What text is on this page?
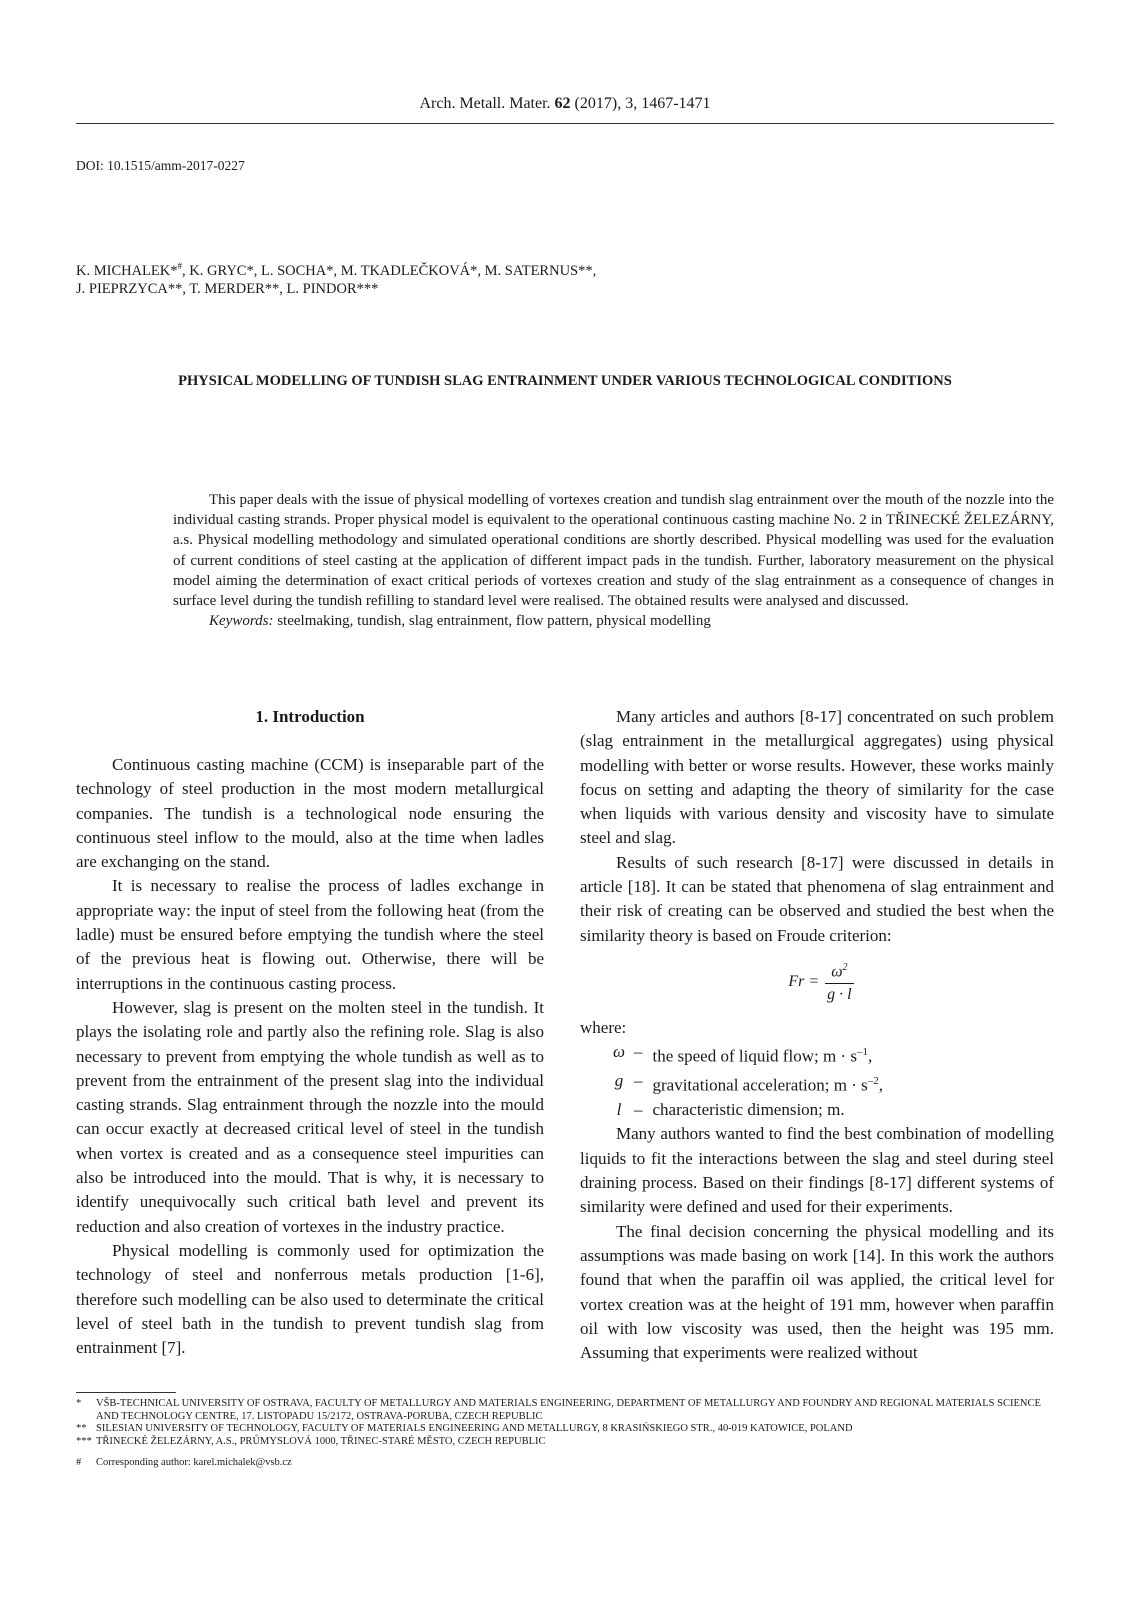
Arch. Metall. Mater. 62 (2017), 3, 1467-1471
DOI: 10.1515/amm-2017-0227
K. MICHALEK*#, K. GRYC*, L. SOCHA*, M. TKADLEČKOVÁ*, M. SATERNUS**,
J. PIEPRZYCA**, T. MERDER**, L. PINDOR***
PHYSICAL MODELLING OF TUNDISH SLAG ENTRAINMENT UNDER VARIOUS TECHNOLOGICAL CONDITIONS

This paper deals with the issue of physical modelling of vortexes creation and tundish slag entrainment over the mouth of the nozzle into the individual casting strands. Proper physical model is equivalent to the operational continuous casting machine No. 2 in TŘINECKÉ ŽELEZÁRNY, a.s. Physical modelling methodology and simulated operational conditions are shortly described. Physical modelling was used for the evaluation of current conditions of steel casting at the application of different impact pads in the tundish. Further, laboratory measurement on the physical model aiming the determination of exact critical periods of vortexes creation and study of the slag entrainment as a consequence of changes in surface level during the tundish refilling to standard level were realised. The obtained results were analysed and discussed.

Keywords: steelmaking, tundish, slag entrainment, flow pattern, physical modelling

1. Introduction

Continuous casting machine (CCM) is inseparable part of the technology of steel production in the most modern metallurgical companies. The tundish is a technological node ensuring the continuous steel inflow to the mould, also at the time when ladles are exchanging on the stand.

It is necessary to realise the process of ladles exchange in appropriate way: the input of steel from the following heat (from the ladle) must be ensured before emptying the tundish where the steel of the previous heat is flowing out. Otherwise, there will be interruptions in the continuous casting process.

However, slag is present on the molten steel in the tundish. It plays the isolating role and partly also the refining role. Slag is also necessary to prevent from emptying the whole tundish as well as to prevent from the entrainment of the present slag into the individual casting strands. Slag entrainment through the nozzle into the mould can occur exactly at decreased critical level of steel in the tundish when vortex is created and as a consequence steel impurities can also be introduced into the mould. That is why, it is necessary to identify unequivocally such critical bath level and prevent its reduction and also creation of vortexes in the industry practice.

Physical modelling is commonly used for optimization the technology of steel and nonferrous metals production [1-6], therefore such modelling can be also used to determinate the critical level of steel bath in the tundish to prevent tundish slag from entrainment [7].

Many articles and authors [8-17] concentrated on such problem (slag entrainment in the metallurgical aggregates) using physical modelling with better or worse results. However, these works mainly focus on setting and adapting the theory of similarity for the case when liquids with various density and viscosity have to simulate steel and slag.

Results of such research [8-17] were discussed in details in article [18]. It can be stated that phenomena of slag entrainment and their risk of creating can be observed and studied the best when the similarity theory is based on Froude criterion:

$Fr = \frac{\omega^2}{g \cdot l}$

where:

ω – the speed of liquid flow; $m \cdot s^{-1}$,
g – gravitational acceleration; $m \cdot s^{-2}$,
l – characteristic dimension; m.

Many authors wanted to find the best combination of modelling liquids to fit the interactions between the slag and steel during steel draining process. Based on their findings [8-17] different systems of similarity were defined and used for their experiments.

The final decision concerning the physical modelling and its assumptions was made basing on work [14]. In this work the authors found that when the paraffin oil was applied, the critical level for vortex creation was at the height of 191 mm, however when paraffin oil with low viscosity was used, then the height was 195 mm. Assuming that experiments were realized without

*	VŠB-TECHNICAL UNIVERSITY OF OSTRAVA, FACULTY OF METALLURGY AND MATERIALS ENGINEERING, DEPARTMENT OF METALLURGY AND FOUNDRY AND REGIONAL MATERIALS SCIENCE AND TECHNOLOGY CENTRE, 17. LISTOPADU 15/2172, OSTRAVA-PORUBA, CZECH REPUBLIC
** SILESIAN UNIVERSITY OF TECHNOLOGY, FACULTY OF MATERIALS ENGINEERING AND METALLURGY, 8 KRASIŃSKIEGO STR., 40-019 KATOWICE, POLAND
*** TŘINECKÉ ŽELEZÁRNY, A.S., PRŮMYSLOVÁ 1000, TŘINEC-STARÉ MĚSTO, CZECH REPUBLIC
#	Corresponding author: karel.michalek@vsb.cz
